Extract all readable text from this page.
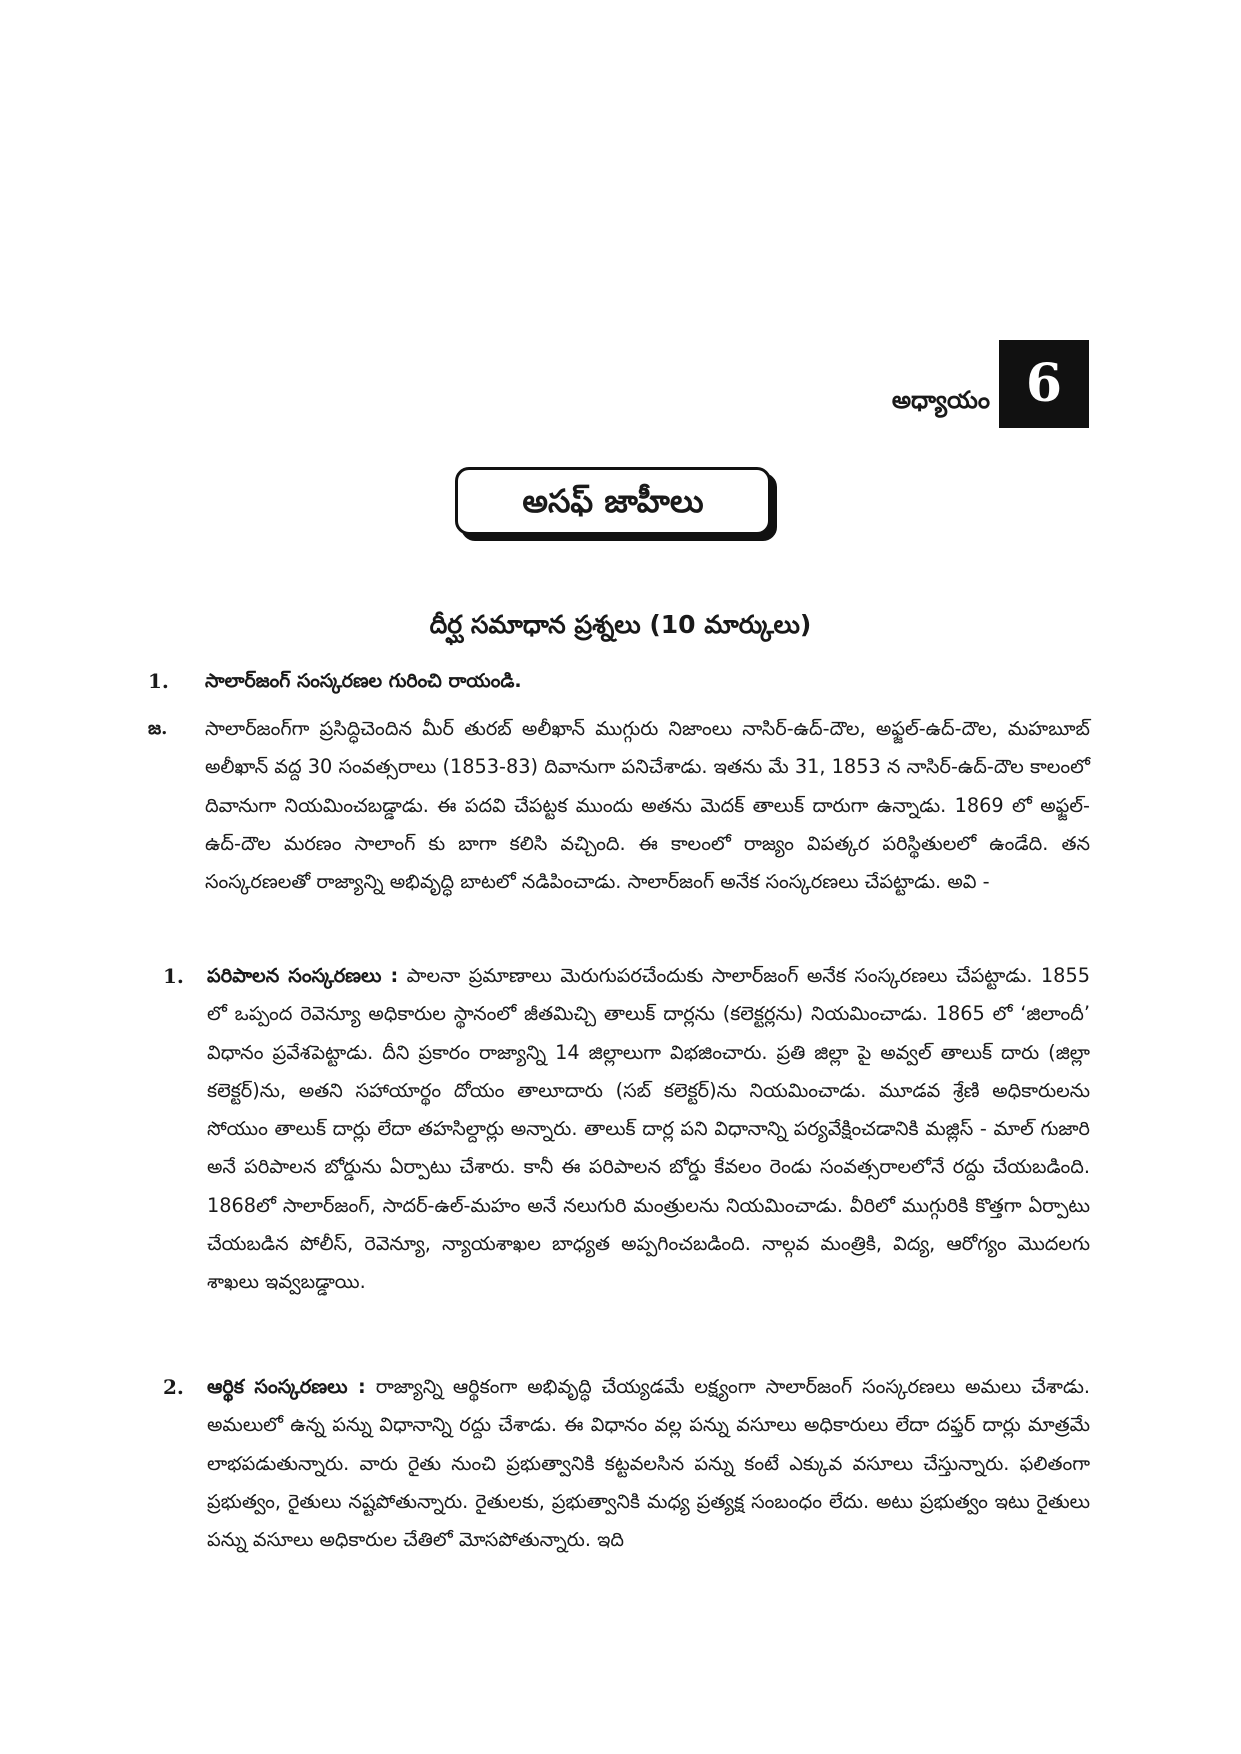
అధ్యాయం 6
అసఫ్ జాహీలు
దీర్ఘ సమాధాన ప్రశ్నలు (10 మార్కులు)
1. సాలార్‌జంగ్ సంస్కరణల గురించి రాయండి.
జ. సాలార్‌జంగ్‌గా ప్రసిద్ధిచెందిన మీర్ తురబ్ అలీఖాన్ ముగ్గురు నిజాంలు నాసిర్-ఉద్-దౌల, అఫ్జల్-ఉద్-దౌల, మహబూబ్ అలీఖాన్ వద్ద 30 సంవత్సరాలు (1853-83) దివానుగా పనిచేశాడు. ఇతను మే 31, 1853 న నాసిర్-ఉద్-దౌల కాలంలో దివానుగా నియమించబడ్డాడు. ఈ పదవి చేపట్టక ముందు అతను మెదక్ తాలుక్ దారుగా ఉన్నాడు. 1869 లో అఫ్జల్-ఉద్-దౌల మరణం సాలాంగ్ కు బాగా కలిసి వచ్చింది. ఈ కాలంలో రాజ్యం విపత్కర పరిస్థితులలో ఉండేది. తన సంస్కరణలతో రాజ్యాన్ని అభివృద్ధి బాటలో నడిపించాడు. సాలార్‌జంగ్ అనేక సంస్కరణలు చేపట్టాడు. అవి -

1. పరిపాలన సంస్కరణలు : పాలనా ప్రమాణాలు మెరుగుపరచేందుకు సాలార్‌జంగ్ అనేక సంస్కరణలు చేపట్టాడు. 1855 లో ఒప్పంద రెవెన్యూ అధికారుల స్థానంలో జీతమిచ్చి తాలుక్ దార్లను (కలెక్టర్లను) నియమించాడు. 1865 లో ‘జిలాందీ’ విధానం ప్రవేశపెట్టాడు. దీని ప్రకారం రాజ్యాన్ని 14 జిల్లాలుగా విభజించారు. ప్రతి జిల్లా పై అవ్వల్ తాలుక్ దారు (జిల్లా కలెక్టర్)ను, అతని సహాయార్థం దోయం తాలూదారు (సబ్ కలెక్టర్)ను నియమించాడు. మూడవ శ్రేణి అధికారులను సోయుం తాలుక్ దార్లు లేదా తహసిల్దార్లు అన్నారు. తాలుక్ దార్ల పని విధానాన్ని పర్యవేక్షించడానికి మజ్లిస్ - మాల్ గుజారి అనే పరిపాలన బోర్డును ఏర్పాటు చేశారు. కానీ ఈ పరిపాలన బోర్డు కేవలం రెండు సంవత్సరాలలోనే రద్దు చేయబడింది. 1868లో సాలార్‌జంగ్, సాదర్-ఉల్-మహం అనే నలుగురి మంత్రులను నియమించాడు. వీరిలో ముగ్గురికి కొత్తగా ఏర్పాటు చేయబడిన పోలీస్, రెవెన్యూ, న్యాయశాఖల బాధ్యత అప్పగించబడింది. నాల్గవ మంత్రికి, విద్య, ఆరోగ్యం మొదలగు శాఖలు ఇవ్వబడ్డాయి.

2. ఆర్థిక సంస్కరణలు : రాజ్యాన్ని ఆర్థికంగా అభివృద్ధి చేయ్యడమే లక్ష్యంగా సాలార్‌జంగ్ సంస్కరణలు అమలు చేశాడు. అమలులో ఉన్న పన్ను విధానాన్ని రద్దు చేశాడు. ఈ విధానం వల్ల పన్ను వసూలు అధికారులు లేదా దఫ్తర్ దార్లు మాత్రమే లాభపడుతున్నారు. వారు రైతు నుంచి ప్రభుత్వానికి కట్టవలసిన పన్ను కంటే ఎక్కువ వసూలు చేస్తున్నారు. ఫలితంగా ప్రభుత్వం, రైతులు నష్టపోతున్నారు. రైతులకు, ప్రభుత్వానికి మధ్య ప్రత్యక్ష సంబంధం లేదు. అటు ప్రభుత్వం ఇటు రైతులు పన్ను వసూలు అధికారుల చేతిలో మోసపోతున్నారు. ఇది
